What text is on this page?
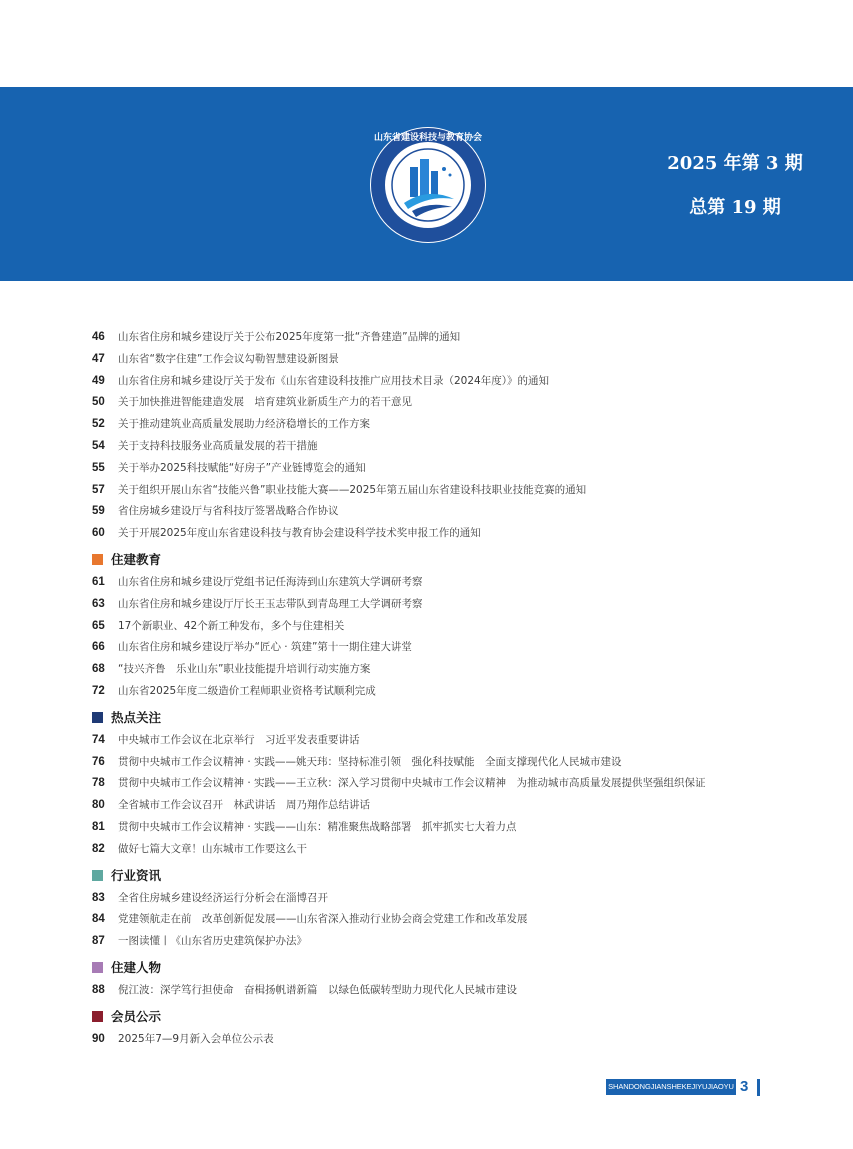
山东省建设科技与教育协会
2025 年第 3 期
总第 19 期
46 山东省住房和城乡建设厅关于公布2025年度第一批“齐鲁建造”品牌的通知
47 山东省“数字住建”工作会议勾勒智慧建设新图景
49 山东省住房和城乡建设厅关于发布《山东省建设科技推广应用技术目录（2024年度）》的通知
50 关于加快推进智能建造发展　培育建筑业新质生产力的若干意见
52 关于推动建筑业高质量发展助力经济稳增长的工作方案
54 关于支持科技服务业高质量发展的若干措施
55 关于举办2025科技赋能“好房子”产业链博览会的通知
57 关于组织开展山东省“技能兴鲁”职业技能大赛——2025年第五届山东省建设科技职业技能竞赛的通知
59 省住房城乡建设厅与省科技厅签署战略合作协议
60 关于开展2025年度山东省建设科技与教育协会建设科学技术奖申报工作的通知
住建教育
61 山东省住房和城乡建设厅党组书记任海涛到山东建筑大学调研考察
63 山东省住房和城乡建设厅厅长王玉志带队到青岛理工大学调研考察
65 17个新职业、42个新工种发布，多个与住建相关
66 山东省住房和城乡建设厅举办“匠心 · 筑建”第十一期住建大讲堂
68 “技兴齐鲁　乐业山东”职业技能提升培训行动实施方案
72 山东省2025年度二级造价工程师职业资格考试顺利完成
热点关注
74 中央城市工作会议在北京举行　习近平发表重要讲话
76 贯彻中央城市工作会议精神 · 实践——姚天玮：坚持标准引领　强化科技赋能　全面支撑现代化人民城市建设
78 贯彻中央城市工作会议精神 · 实践——王立秋：深入学习贯彻中央城市工作会议精神　为推动城市高质量发展提供坚强组织保证
80 全省城市工作会议召开　林武讲话　周乃翔作总结讲话
81 贯彻中央城市工作会议精神 · 实践——山东：精准聚焦战略部署　抓牢抓实七大着力点
82 做好七篇大文章！山东城市工作要这么干
行业资讯
83 全省住房城乡建设经济运行分析会在淄博召开
84 党建领航走在前　改革创新促发展——山东省深入推动行业协会商会党建工作和改革发展
87 一图读懂丨《山东省历史建筑保护办法》
住建人物
88 倪江波：深学笃行担使命　奋楫扬帆谱新篇　以绿色低碳转型助力现代化人民城市建设
会员公示
90 2025年7—9月新入会单位公示表
SHANDONGJIANSHEKEJIYUJIAOYU 3
